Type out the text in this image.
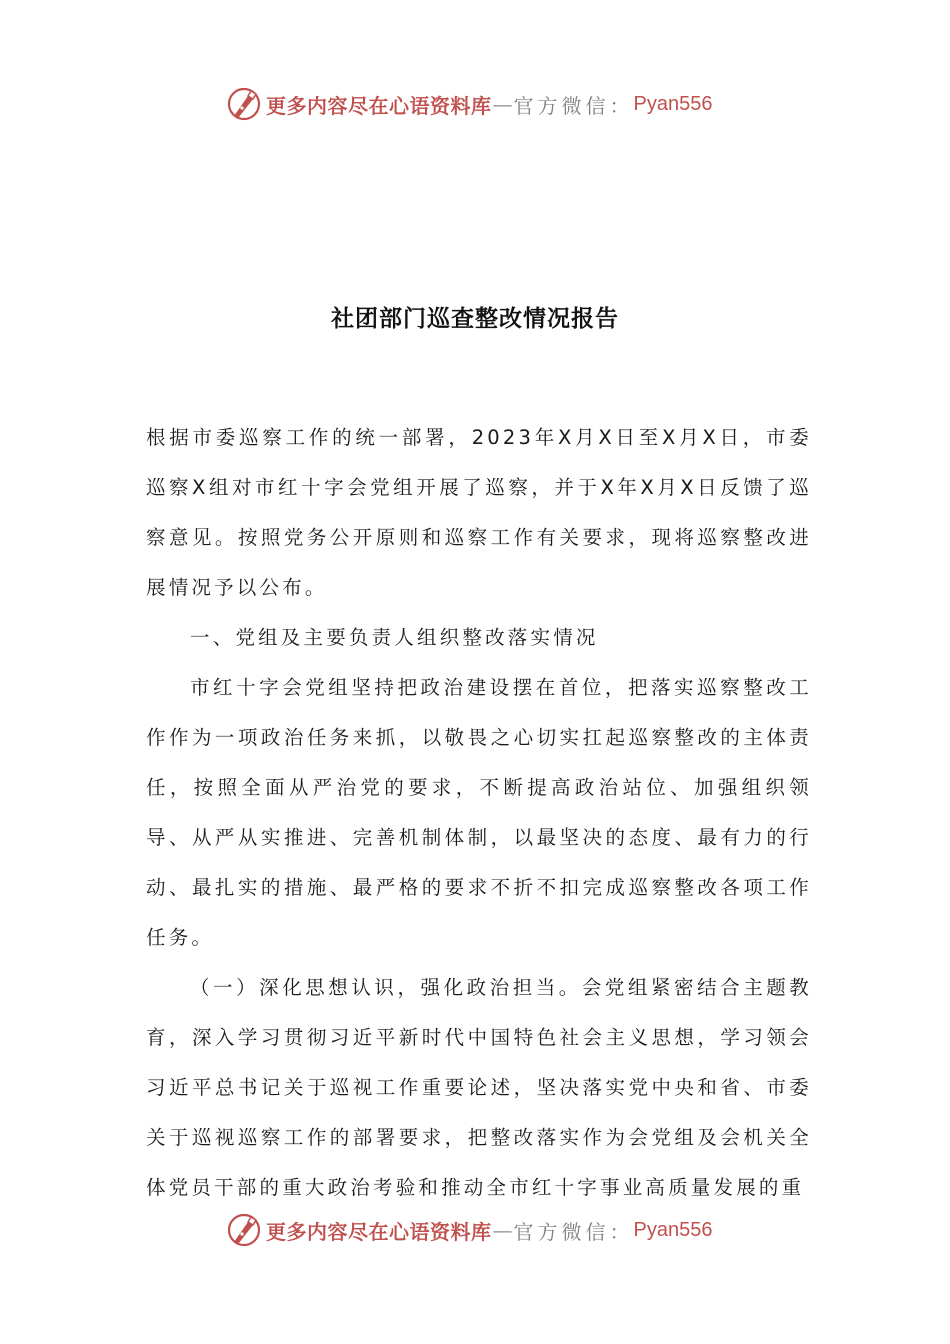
更多内容尽在心语资料库 — 官方微信： Pyan556
社团部门巡查整改情况报告

根据市委巡察工作的统一部署，2023年X月X日至X月X日，市委巡察X组对市红十字会党组开展了巡察，并于X年X月X日反馈了巡察意见。按照党务公开原则和巡察工作有关要求，现将巡察整改进展情况予以公布。

一、党组及主要负责人组织整改落实情况

市红十字会党组坚持把政治建设摆在首位，把落实巡察整改工作作为一项政治任务来抓，以敬畏之心切实扛起巡察整改的主体责任，按照全面从严治党的要求，不断提高政治站位、加强组织领导、从严从实推进、完善机制体制，以最坚决的态度、最有力的行动、最扎实的措施、最严格的要求不折不扣完成巡察整改各项工作任务。

（一）深化思想认识，强化政治担当。会党组紧密结合主题教育，深入学习贯彻习近平新时代中国特色社会主义思想，学习领会习近平总书记关于巡视工作重要论述，坚决落实党中央和省、市委关于巡视巡察工作的部署要求，把整改落实作为会党组及会机关全体党员干部的重大政治考验和推动全市红十字事业高质量发展的重

更多内容尽在心语资料库 — 官方微信： Pyan556
